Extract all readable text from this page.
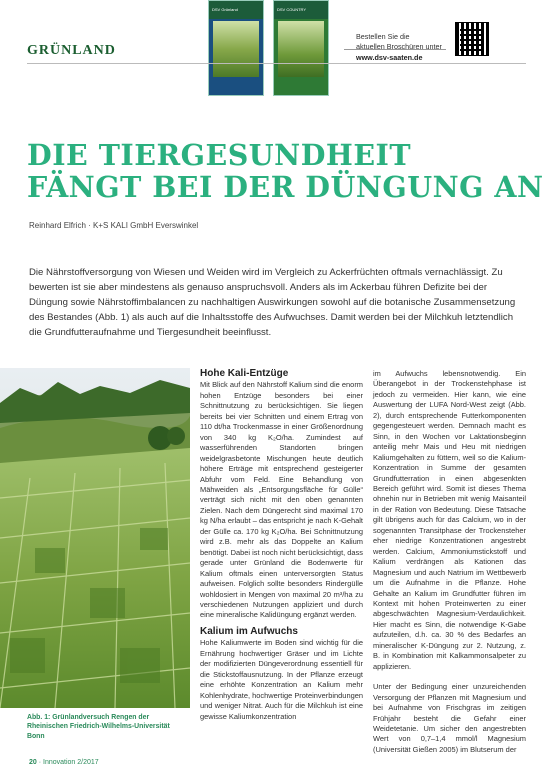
GRÜNLAND
DSV Grünland	DSV COUNTRY
Bestellen Sie die
aktuellen Broschüren unter
www.dsv-saaten.de
DIE TIERGESUNDHEIT
FÄNGT BEI DER DÜNGUNG AN
Reinhard Elfrich · K+S KALI GmbH Everswinkel
Die Nährstoffversorgung von Wiesen und Weiden wird im Vergleich zu Ackerfrüchten oftmals vernachlässigt. Zu bewerten ist sie aber mindestens als genauso anspruchsvoll. Anders als im Ackerbau führen Defizite bei der Düngung sowie Nährstoffimbalancen zu nachhaltigen Auswirkungen sowohl auf die botanische Zusammensetzung des Bestandes (Abb. 1) als auch auf die Inhaltsstoffe des Aufwuchses. Damit werden bei der Milchkuh letztendlich die Grundfutteraufnahme und Tiergesundheit beeinflusst.
Abb. 1: Grünlandversuch Rengen der Rheinischen Friedrich-Wilhelms-Universität Bonn
Hohe Kali-Entzüge

Mit Blick auf den Nährstoff Kalium sind die enorm hohen Entzüge besonders bei einer Schnittnutzung zu berücksichtigen. Sie liegen bereits bei vier Schnitten und einem Ertrag von 110 dt/ha Trockenmasse in einer Größenordnung von 340 kg K₂O/ha. Zumindest auf wasserführenden Standorten bringen weidelgrasbetonte Mischungen heute deutlich höhere Erträge mit entsprechend gesteigerter Abfuhr vom Feld. Eine Behandlung von Mähweiden als „Entsorgungsfläche für Gülle“ verträgt sich nicht mit den oben genannten Zielen. Nach dem Düngerecht sind maximal 170 kg N/ha erlaubt – das entspricht je nach K-Gehalt der Gülle ca. 170 kg K₂O/ha. Bei Schnittnutzung wird z.B. mehr als das Doppelte an Kalium benötigt. Dabei ist noch nicht berücksichtigt, dass gerade unter Grünland die Bodenwerte für Kalium oftmals einen unterversorgten Status aufweisen. Folglich sollte besonders Rindergülle wohldosiert in Mengen von maximal 20 m³/ha zu verschiedenen Nutzungen appliziert und durch eine mineralische Kalidüngung ergänzt werden.

Kalium im Aufwuchs

Hohe Kaliumwerte im Boden sind wichtig für die Ernährung hochwertiger Gräser und im Lichte der modifizierten Düngeverordnung essentiell für die Stickstoffausnutzung. In der Pflanze erzeugt eine erhöhte Konzentration an Kalium mehr Kohlenhydrate, hochwertige Proteinverbindungen und weniger Nitrat. Auch für die Milchkuh ist eine gewisse Kaliumkonzentration

im Aufwuchs lebensnotwendig. Ein Überangebot in der Trockenstehphase ist jedoch zu vermeiden. Hier kann, wie eine Auswertung der LUFA Nord-West zeigt (Abb. 2), durch entsprechende Futterkomponenten gegengesteuert werden. Demnach macht es Sinn, in den Wochen vor Laktationsbeginn anteilig mehr Mais und Heu mit niedrigen Kaliumgehalten zu füttern, weil so die Kalium-Konzentration in Summe der gesamten Grundfutterration in einen abgesenkten Bereich geführt wird. Somit ist dieses Thema ohnehin nur in Betrieben mit wenig Maisanteil in der Ration von Bedeutung. Diese Tatsache gilt übrigens auch für das Calcium, wo in der sogenannten Transitphase der Trockensteher eher niedrige Konzentrationen angestrebt werden. Calcium, Ammoniumstickstoff und Kalium verdrängen als Kationen das Magnesium und auch Natrium im Wettbewerb um die Aufnahme in die Pflanze. Hohe Gehalte an Kalium im Grundfutter führen im Kontext mit hohen Proteinwerten zu einer abgeschwächten Magnesium-Verdaulichkeit. Hier macht es Sinn, die notwendige K-Gabe aufzuteilen, d.h. ca. 30 % des Bedarfes an mineralischer K-Düngung zur 2. Nutzung, z. B. in Kombination mit Kalkammonsalpeter zu applizieren.

Unter der Bedingung einer unzureichenden Versorgung der Pflanzen mit Magnesium und bei Aufnahme von Frischgras im zeitigen Frühjahr besteht die Gefahr einer Weidetetanie. Um sicher den angestrebten Wert von 0,7–1,4 mmol/l Magnesium (Universität Gießen 2005) im Blutserum der

20 · Innovation 2/2017
